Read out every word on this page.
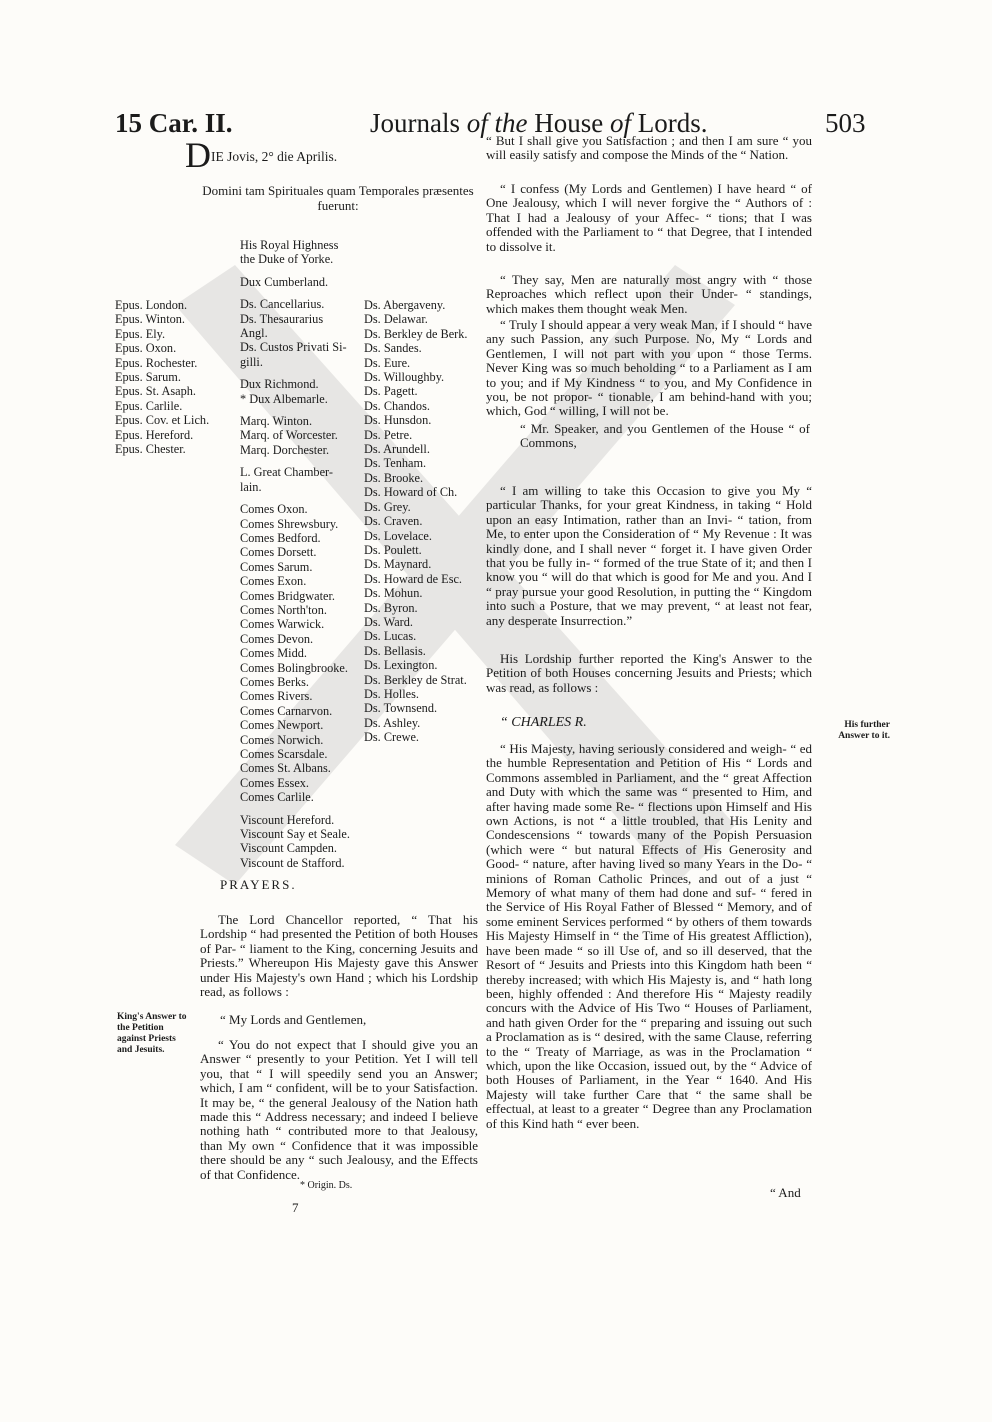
15 Car. II.	Journals of the House of Lords.	503
DIE Jovis, 2° die Aprilis.
Domini tam Spirituales quam Temporales præsentes fuerunt:
Epus. London.
Epus. Winton.
Epus. Ely.
Epus. Oxon.
Epus. Rochester.
Epus. Sarum.
Epus. St. Asaph.
Epus. Carlile.
Epus. Cov. et Lich.
Epus. Hereford.
Epus. Chester.
His Royal Highness
the Duke of Yorke.
Dux Cumberland.
Ds. Cancellarius.
Ds. Thesaurarius
Angl.
Ds. Custos Privati Si-
gilli.
Dux Richmond.
* Dux Albemarle.
Marq. Winton.
Marq. of Worcester.
Marq. Dorchester.
L. Great Chamber-
lain.
Comes Oxon.
Comes Shrewsbury.
Comes Bedford.
Comes Dorsett.
Comes Sarum.
Comes Exon.
Comes Bridgwater.
Comes North'ton.
Comes Warwick.
Comes Devon.
Comes Midd.
Comes Bolingbrooke.
Comes Berks.
Comes Rivers.
Comes Carnarvon.
Comes Newport.
Comes Norwich.
Comes Scarsdale.
Comes St. Albans.
Comes Essex.
Comes Carlile.
Viscount Hereford.
Viscount Say et Seale.
Viscount Campden.
Viscount de Stafford.
Ds. Abergaveny.
Ds. Delawar.
Ds. Berkley de Berk.
Ds. Sandes.
Ds. Eure.
Ds. Willoughby.
Ds. Pagett.
Ds. Chandos.
Ds. Hunsdon.
Ds. Petre.
Ds. Arundell.
Ds. Tenham.
Ds. Brooke.
Ds. Howard of Ch.
Ds. Grey.
Ds. Craven.
Ds. Lovelace.
Ds. Poulett.
Ds. Maynard.
Ds. Howard de Esc.
Ds. Mohun.
Ds. Byron.
Ds. Ward.
Ds. Lucas.
Ds. Bellasis.
Ds. Lexington.
Ds. Berkley de Strat.
Ds. Holles.
Ds. Townsend.
Ds. Ashley.
Ds. Crewe.
PRAYERS.
The Lord Chancellor reported, “ That his Lordship “ had presented the Petition of both Houses of Par- “ liament to the King, concerning Jesuits and Priests.” Whereupon His Majesty gave this Answer under His Majesty's own Hand ; which his Lordship read, as follows :
King's Answer to the Petition against Priests and Jesuits.
“ My Lords and Gentlemen,
“ You do not expect that I should give you an Answer “ presently to your Petition. Yet I will tell you, that “ I will speedily send you an Answer; which, I am “ confident, will be to your Satisfaction. It may be, “ the general Jealousy of the Nation hath made this “ Address necessary; and indeed I believe nothing hath “ contributed more to that Jealousy, than My own “ Confidence that it was impossible there should be any “ such Jealousy, and the Effects of that Confidence.
* Origin. Ds.
7
“ But I shall give you Satisfaction ; and then I am sure “ you will easily satisfy and compose the Minds of the “ Nation.
“ I confess (My Lords and Gentlemen) I have heard “ of One Jealousy, which I will never forgive the “ Authors of : That I had a Jealousy of your Affec- “ tions; that I was offended with the Parliament to “ that Degree, that I intended to dissolve it.
“ They say, Men are naturally most angry with “ those Reproaches which reflect upon their Under- “ standings, which makes them thought weak Men.
“ Truly I should appear a very weak Man, if I should “ have any such Passion, any such Purpose. No, My “ Lords and Gentlemen, I will not part with you upon “ those Terms. Never King was so much beholding “ to a Parliament as I am to you; and if My Kindness “ to you, and My Confidence in you, be not propor- “ tionable, I am behind-hand with you; which, God “ willing, I will not be.
“ Mr. Speaker, and you Gentlemen of the House “ of Commons,
“ I am willing to take this Occasion to give you My “ particular Thanks, for your great Kindness, in taking “ Hold upon an easy Intimation, rather than an Invi- “ tation, from Me, to enter upon the Consideration of “ My Revenue : It was kindly done, and I shall never “ forget it. I have given Order that you be fully in- “ formed of the true State of it; and then I know you “ will do that which is good for Me and you. And I “ pray pursue your good Resolution, in putting the “ Kingdom into such a Posture, that we may prevent, “ at least not fear, any desperate Insurrection.”
His Lordship further reported the King's Answer to the Petition of both Houses concerning Jesuits and Priests; which was read, as follows :
“ CHARLES R.	His further Answer to it.
“ His Majesty, having seriously considered and weigh- “ ed the humble Representation and Petition of His “ Lords and Commons assembled in Parliament, and the “ great Affection and Duty with which the same was “ presented to Him, and after having made some Re- “ flections upon Himself and His own Actions, is not “ a little troubled, that His Lenity and Condescensions “ towards many of the Popish Persuasion (which were “ but natural Effects of His Generosity and Good- “ nature, after having lived so many Years in the Do- “ minions of Roman Catholic Princes, and out of a just “ Memory of what many of them had done and suf- “ fered in the Service of His Royal Father of Blessed “ Memory, and of some eminent Services performed “ by others of them towards His Majesty Himself in “ the Time of His greatest Affliction), have been made “ so ill Use of, and so ill deserved, that the Resort of “ Jesuits and Priests into this Kingdom hath been “ thereby increased; with which His Majesty is, and “ hath long been, highly offended : And therefore His “ Majesty readily concurs with the Advice of His Two “ Houses of Parliament, and hath given Order for the “ preparing and issuing out such a Proclamation as is “ desired, with the same Clause, referring to the “ Treaty of Marriage, as was in the Proclamation “ which, upon the like Occasion, issued out, by the “ Advice of both Houses of Parliament, in the Year “ 1640. And His Majesty will take further Care that “ the same shall be effectual, at least to a greater “ Degree than any Proclamation of this Kind hath “ ever been.
“ And
